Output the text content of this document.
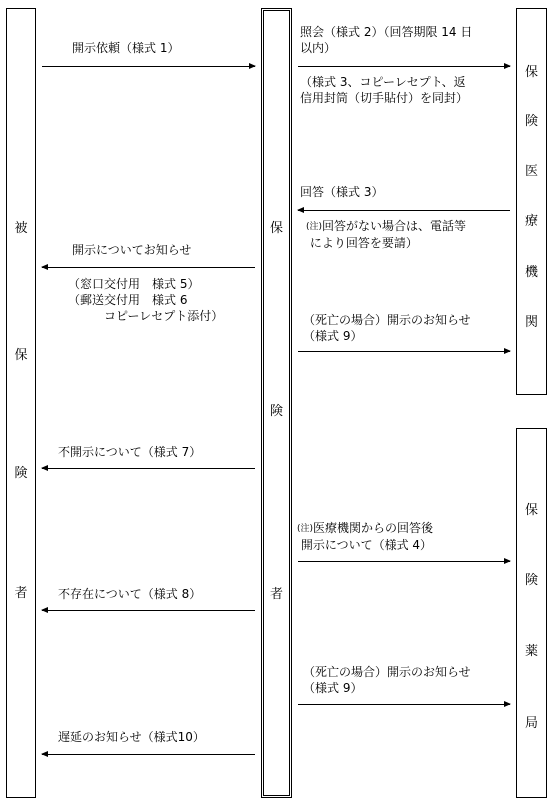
被
保
険
者
保
険
者
保
険
医
療
機
関
保
険
薬
局
開示依頼（様式 1）
照会（様式 2）（回答期限 14 日
以内）
（様式 3、コピーレセプト、返
信用封筒（切手貼付）を同封）
回答（様式 3）
(注)回答がない場合は、電話等
により回答を要請）
開示についてお知らせ
（窓口交付用　様式 5）
（郵送交付用　様式 6
　　　コピーレセプト添付）	（死亡の場合）開示のお知らせ
（様式 9）
不開示について（様式 7）
(注)医療機関からの回答後
開示について（様式 4）
不存在について（様式 8）
（死亡の場合）開示のお知らせ
（様式 9）
遅延のお知らせ（様式10）
